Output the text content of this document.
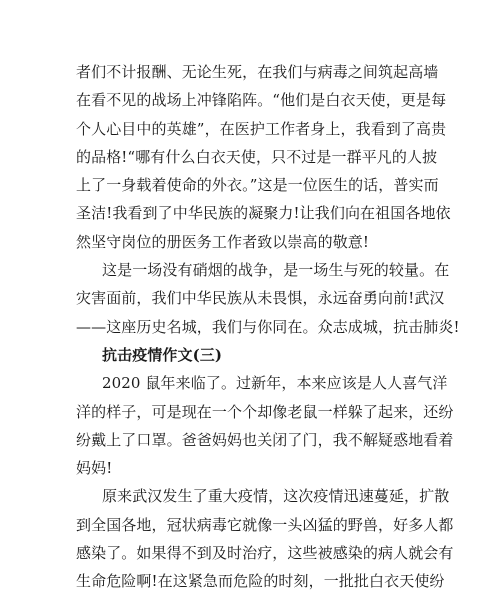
者们不计报酬、无论生死，在我们与病毒之间筑起高墙
在看不见的战场上冲锋陷阵。“他们是白衣天使，更是每
个人心目中的英雄”，在医护工作者身上，我看到了高贵
的品格!“哪有什么白衣天使，只不过是一群平凡的人披
上了一身载着使命的外衣。”这是一位医生的话，普实而
圣洁!我看到了中华民族的凝聚力!让我们向在祖国各地依
然坚守岗位的册医务工作者致以崇高的敬意!
这是一场没有硝烟的战争，是一场生与死的较量。在
灾害面前，我们中华民族从未畏惧，永远奋勇向前!武汉
——这座历史名城，我们与你同在。众志成城，抗击肺炎!
抗击疫情作文(三)
2020 鼠年来临了。过新年，本来应该是人人喜气洋
洋的样子，可是现在一个个却像老鼠一样躲了起来，还纷
纷戴上了口罩。爸爸妈妈也关闭了门，我不解疑惑地看着
妈妈!
原来武汉发生了重大疫情，这次疫情迅速蔓延，扩散
到全国各地，冠状病毒它就像一头凶猛的野兽，好多人都
感染了。如果得不到及时治疗，这些被感染的病人就会有
生命危险啊!在这紧急而危险的时刻，一批批白衣天使纷
